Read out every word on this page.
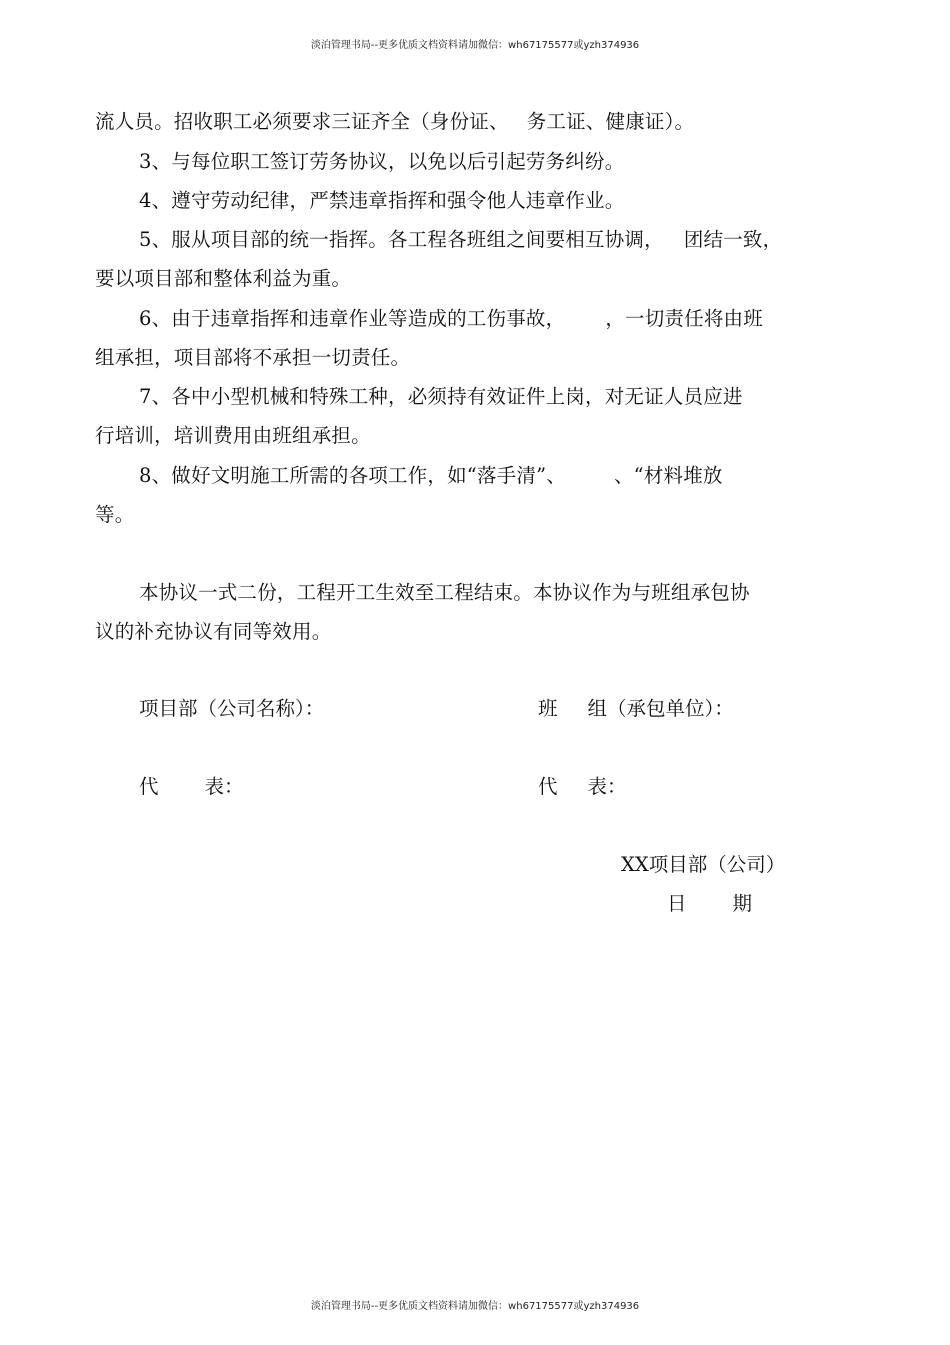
淡泊管理书局--更多优质文档资料请加微信：wh67175577或yzh374936
流人员。招收职工必须要求三证齐全（身份证、 务工证、健康证）。
3、与每位职工签订劳务协议，以免以后引起劳务纠纷。
4、遵守劳动纪律，严禁违章指挥和强令他人违章作业。
5、服从项目部的统一指挥。各工程各班组之间要相互协调， 团结一致，
要以项目部和整体利益为重。
6、由于违章指挥和违章作业等造成的工伤事故， ，一切责任将由班
组承担，项目部将不承担一切责任。
7、各中小型机械和特殊工种，必须持有效证件上岗，对无证人员应进
行培训，培训费用由班组承担。
8、做好文明施工所需的各项工作，如“落手清”、 、“材料堆放
等。
本协议一式二份，工程开工生效至工程结束。本协议作为与班组承包协
议的补充协议有同等效用。
项目部（公司名称）：	班 组（承包单位）：
代 表：	代 表：
XX项目部（公司）
日 期
淡泊管理书局--更多优质文档资料请加微信：wh67175577或yzh374936
